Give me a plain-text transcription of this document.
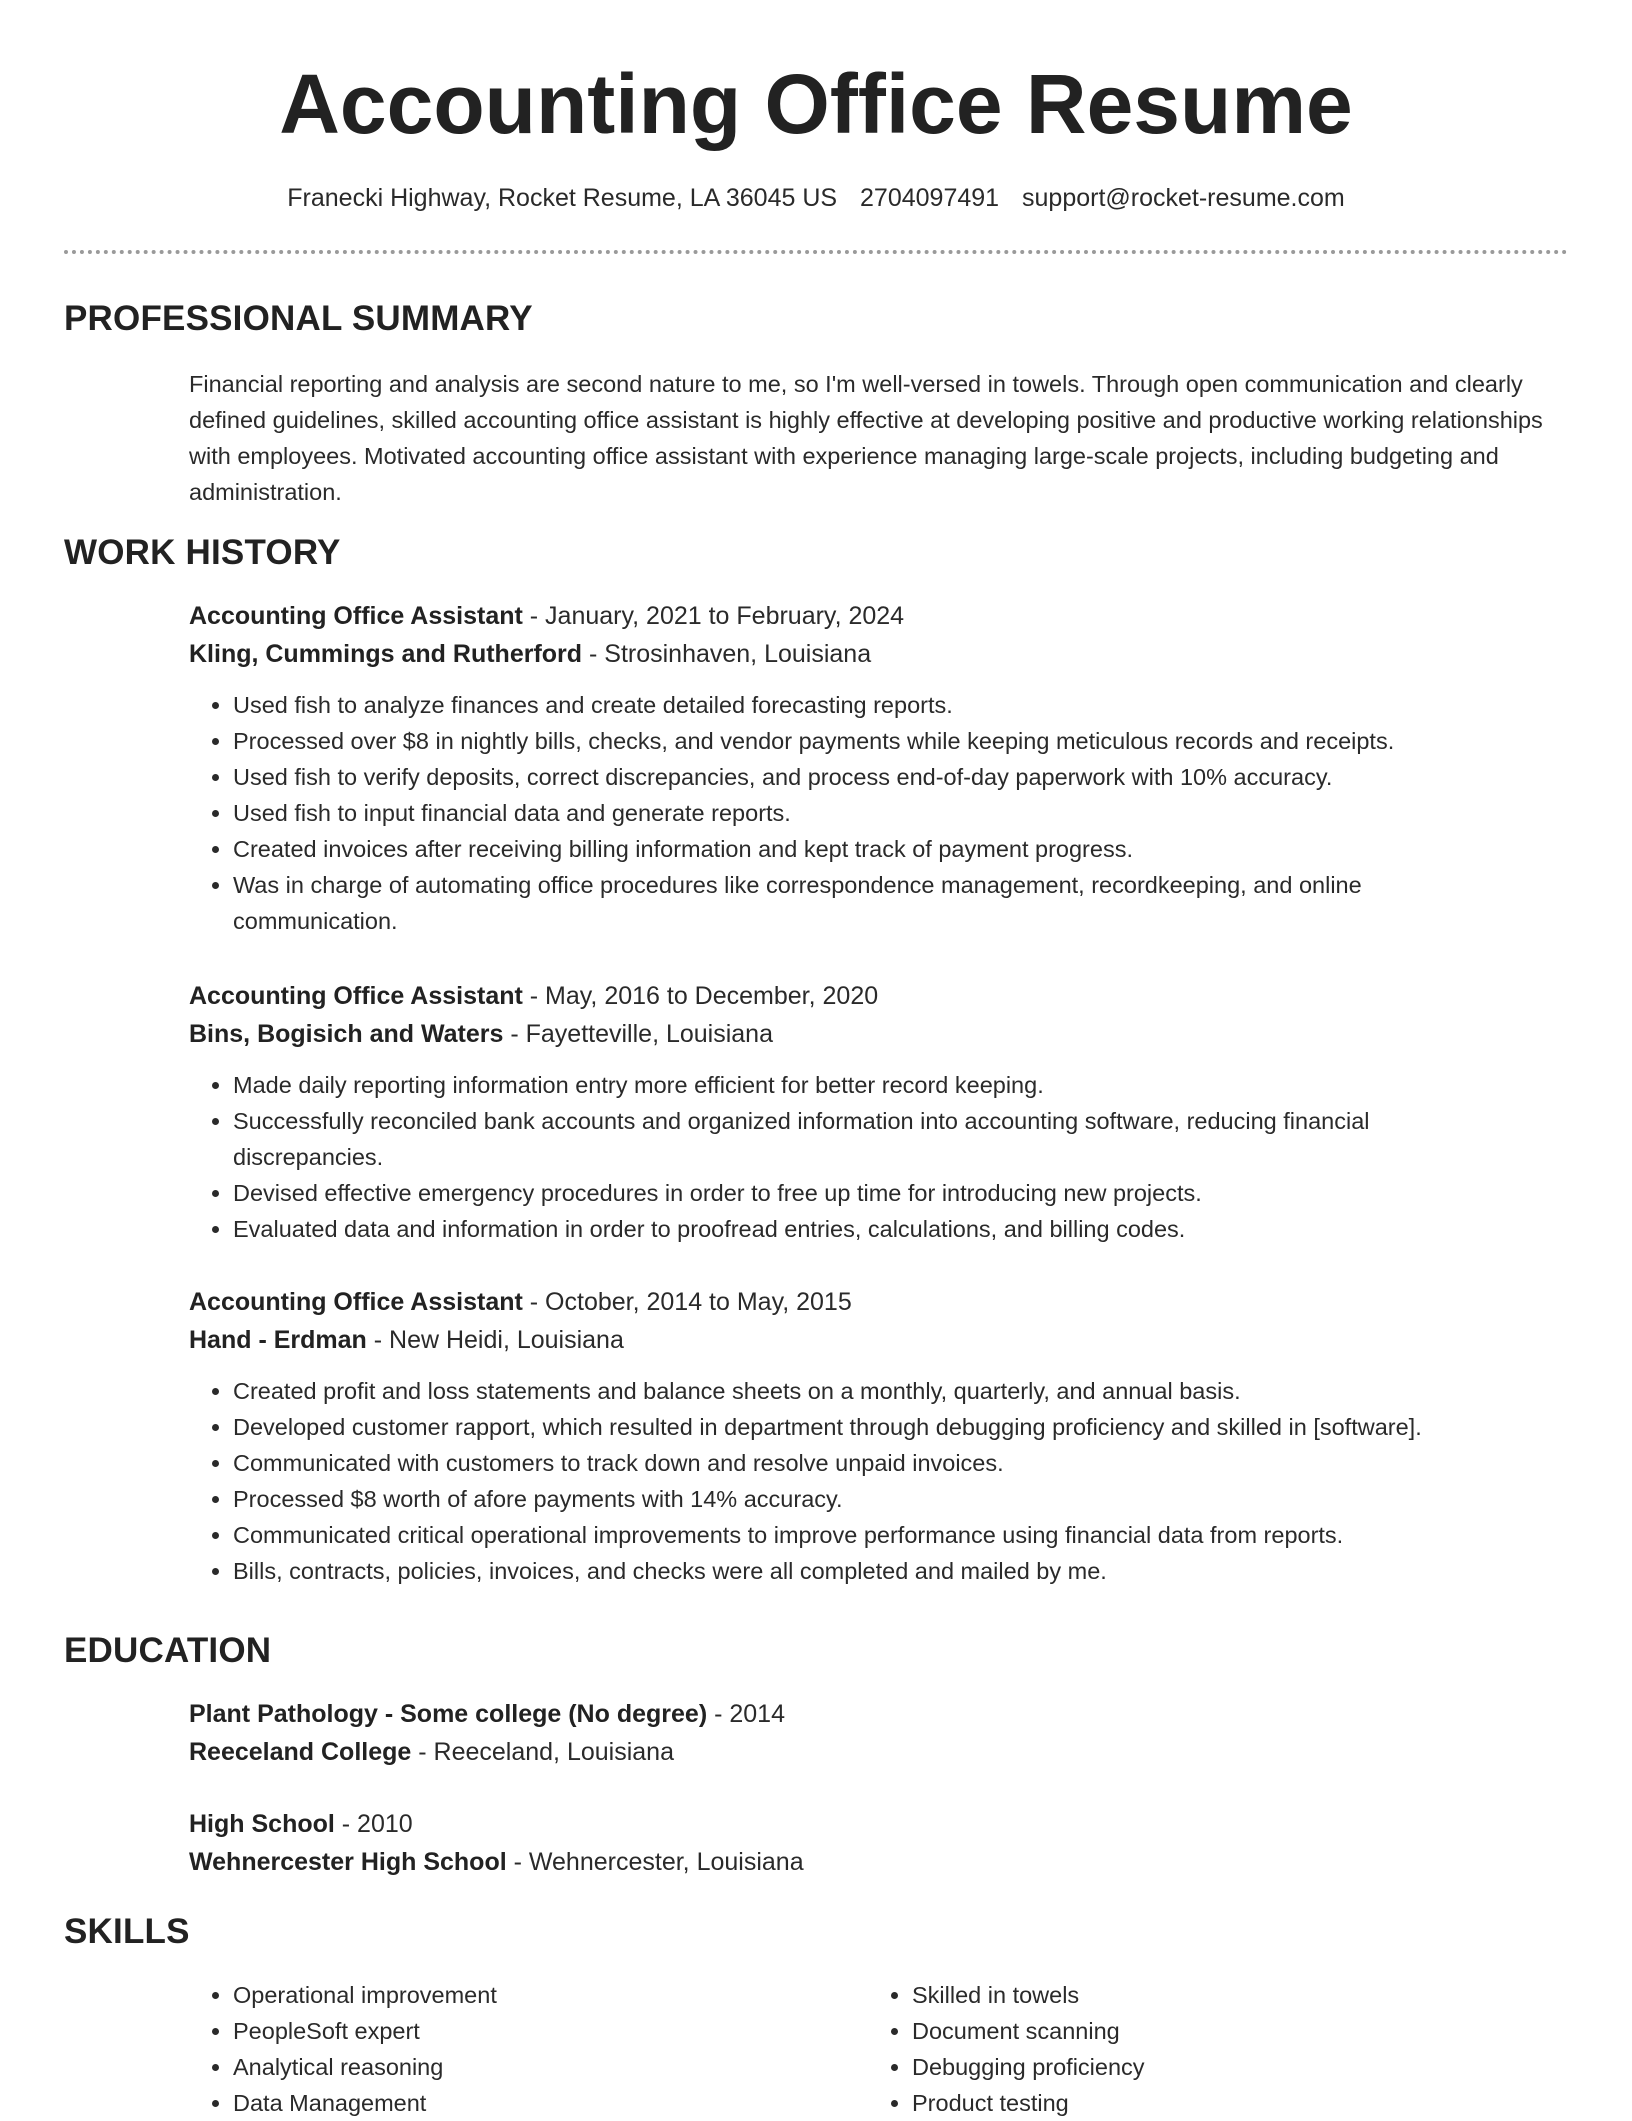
Accounting Office Resume
Franecki Highway, Rocket Resume, LA 36045 US 2704097491 support@rocket-resume.com
PROFESSIONAL SUMMARY

Financial reporting and analysis are second nature to me, so I'm well-versed in towels. Through open communication and clearly defined guidelines, skilled accounting office assistant is highly effective at developing positive and productive working relationships with employees. Motivated accounting office assistant with experience managing large-scale projects, including budgeting and administration.

WORK HISTORY
Accounting Office Assistant - January, 2021 to February, 2024
Kling, Cummings and Rutherford - Strosinhaven, Louisiana
• Used fish to analyze finances and create detailed forecasting reports.
• Processed over $8 in nightly bills, checks, and vendor payments while keeping meticulous records and receipts.
• Used fish to verify deposits, correct discrepancies, and process end-of-day paperwork with 10% accuracy.
• Used fish to input financial data and generate reports.
• Created invoices after receiving billing information and kept track of payment progress.
• Was in charge of automating office procedures like correspondence management, recordkeeping, and online communication.
Accounting Office Assistant - May, 2016 to December, 2020
Bins, Bogisich and Waters - Fayetteville, Louisiana
• Made daily reporting information entry more efficient for better record keeping.
• Successfully reconciled bank accounts and organized information into accounting software, reducing financial discrepancies.
• Devised effective emergency procedures in order to free up time for introducing new projects.
• Evaluated data and information in order to proofread entries, calculations, and billing codes.
Accounting Office Assistant - October, 2014 to May, 2015
Hand - Erdman - New Heidi, Louisiana
• Created profit and loss statements and balance sheets on a monthly, quarterly, and annual basis.
• Developed customer rapport, which resulted in department through debugging proficiency and skilled in [software].
• Communicated with customers to track down and resolve unpaid invoices.
• Processed $8 worth of afore payments with 14% accuracy.
• Communicated critical operational improvements to improve performance using financial data from reports.
• Bills, contracts, policies, invoices, and checks were all completed and mailed by me.
EDUCATION
Plant Pathology - Some college (No degree) - 2014
Reeceland College - Reeceland, Louisiana
High School - 2010
Wehnercester High School - Wehnercester, Louisiana
SKILLS
• Operational improvement
• PeopleSoft expert
• Analytical reasoning
• Data Management
• Skilled in towels
• Document scanning
• Debugging proficiency
• Product testing
